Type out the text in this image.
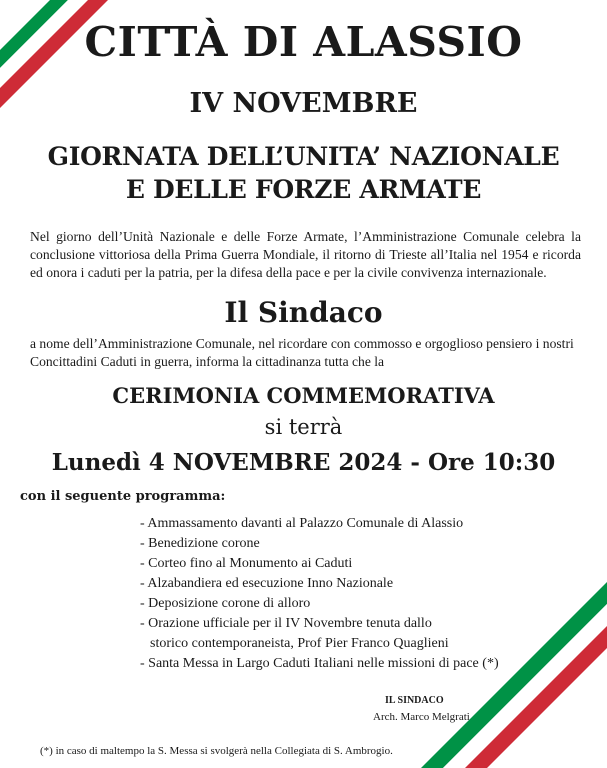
CITTÀ DI ALASSIO
IV NOVEMBRE
GIORNATA DELL’UNITA’ NAZIONALE
E DELLE FORZE ARMATE
Nel giorno dell’Unità Nazionale e delle Forze Armate, l’Amministrazione Comunale celebra la conclusione vittoriosa della Prima Guerra Mondiale, il ritorno di Trieste all’Italia nel 1954 e ricorda ed onora i caduti per la patria, per la difesa della pace e per la civile convivenza internazionale.
Il Sindaco
a nome dell’Amministrazione Comunale, nel ricordare con commosso e orgoglioso pensiero i nostri Concittadini Caduti in guerra, informa la cittadinanza tutta che la
CERIMONIA COMMEMORATIVA
si terrà
Lunedì 4 NOVEMBRE 2024 - Ore 10:30
con il seguente programma:
- Ammassamento davanti al Palazzo Comunale di Alassio
- Benedizione corone
- Corteo fino al Monumento ai Caduti
- Alzabandiera ed esecuzione Inno Nazionale
- Deposizione corone di alloro
- Orazione ufficiale per il IV Novembre tenuta dallo
storico contemporaneista, Prof Pier Franco Quaglieni
- Santa Messa in Largo Caduti Italiani nelle missioni di pace (*)
IL SINDACO
Arch. Marco Melgrati
(*) in caso di maltempo la S. Messa si svolgerà nella Collegiata di S. Ambrogio.
